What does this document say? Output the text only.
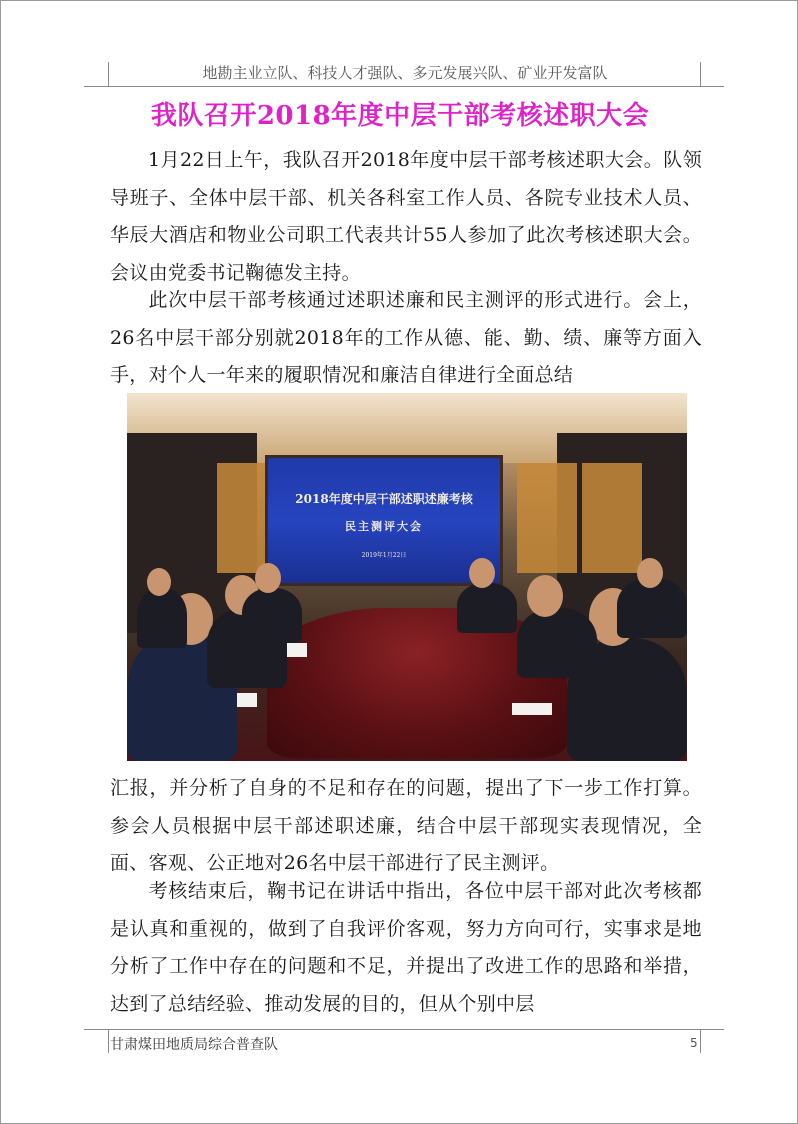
地勘主业立队、科技人才强队、多元发展兴队、矿业开发富队
我队召开2018年度中层干部考核述职大会
1月22日上午，我队召开2018年度中层干部考核述职大会。队领导班子、全体中层干部、机关各科室工作人员、各院专业技术人员、华辰大酒店和物业公司职工代表共计55人参加了此次考核述职大会。会议由党委书记鞠德发主持。
此次中层干部考核通过述职述廉和民主测评的形式进行。会上，26名中层干部分别就2018年的工作从德、能、勤、绩、廉等方面入手，对个人一年来的履职情况和廉洁自律进行全面总结
2018年度中层干部述职述廉考核
民主测评大会
2019年1月22日
汇报，并分析了自身的不足和存在的问题，提出了下一步工作打算。参会人员根据中层干部述职述廉，结合中层干部现实表现情况，全面、客观、公正地对26名中层干部进行了民主测评。
考核结束后，鞠书记在讲话中指出，各位中层干部对此次考核都是认真和重视的，做到了自我评价客观，努力方向可行，实事求是地分析了工作中存在的问题和不足，并提出了改进工作的思路和举措，达到了总结经验、推动发展的目的，但从个别中层
甘肃煤田地质局综合普查队	5
